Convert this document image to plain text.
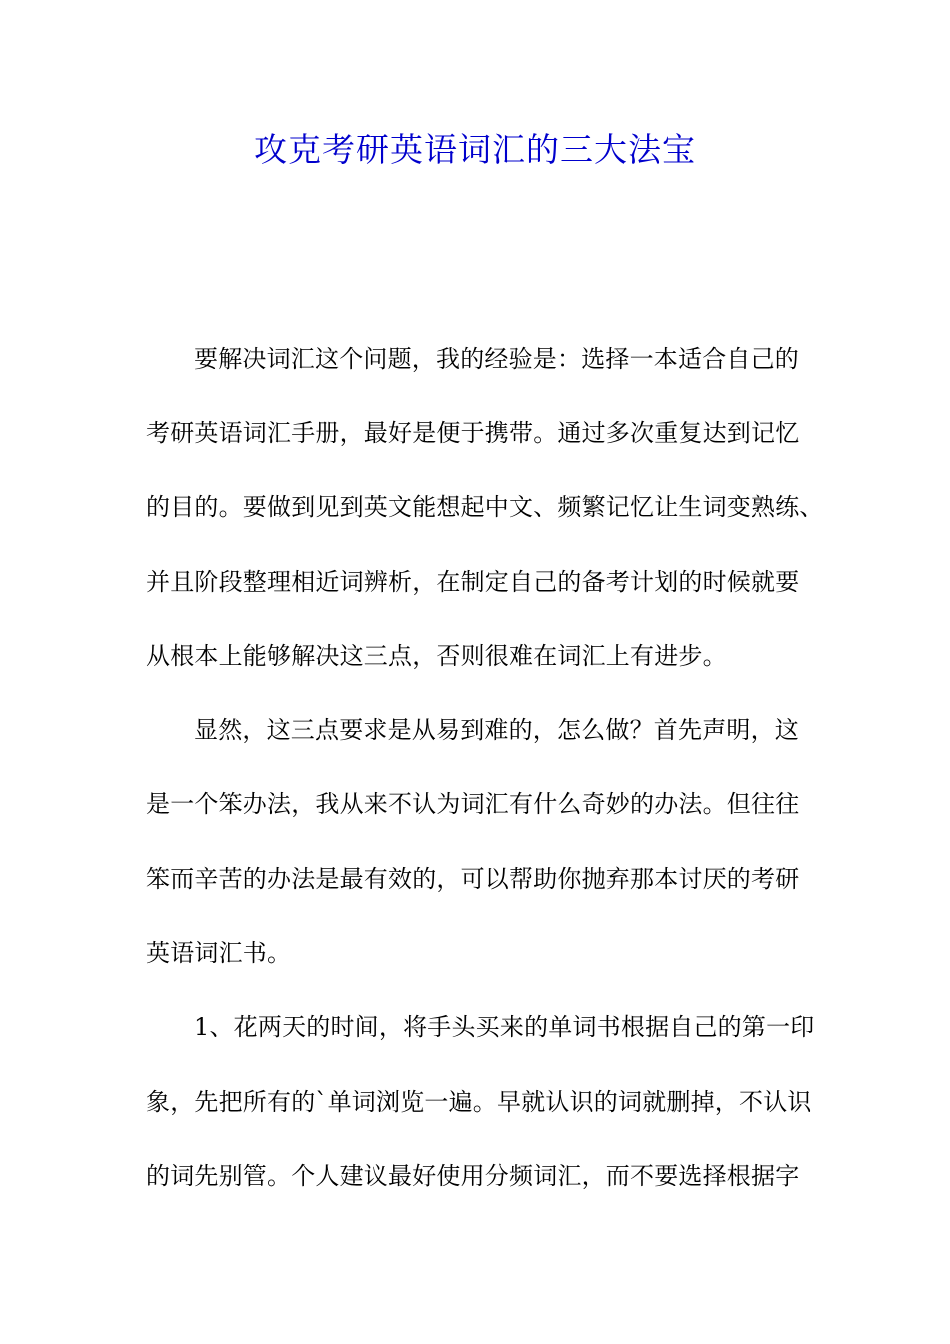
攻克考研英语词汇的三大法宝

要解决词汇这个问题，我的经验是：选择一本适合自己的

考研英语词汇手册，最好是便于携带。通过多次重复达到记忆

的目的。要做到见到英文能想起中文、频繁记忆让生词变熟练、

并且阶段整理相近词辨析，在制定自己的备考计划的时候就要

从根本上能够解决这三点，否则很难在词汇上有进步。

显然，这三点要求是从易到难的，怎么做？首先声明，这

是一个笨办法，我从来不认为词汇有什么奇妙的办法。但往往

笨而辛苦的办法是最有效的，可以帮助你抛弃那本讨厌的考研

英语词汇书。

1、花两天的时间，将手头买来的单词书根据自己的第一印

象，先把所有的`单词浏览一遍。早就认识的词就删掉，不认识

的词先别管。个人建议最好使用分频词汇，而不要选择根据字
